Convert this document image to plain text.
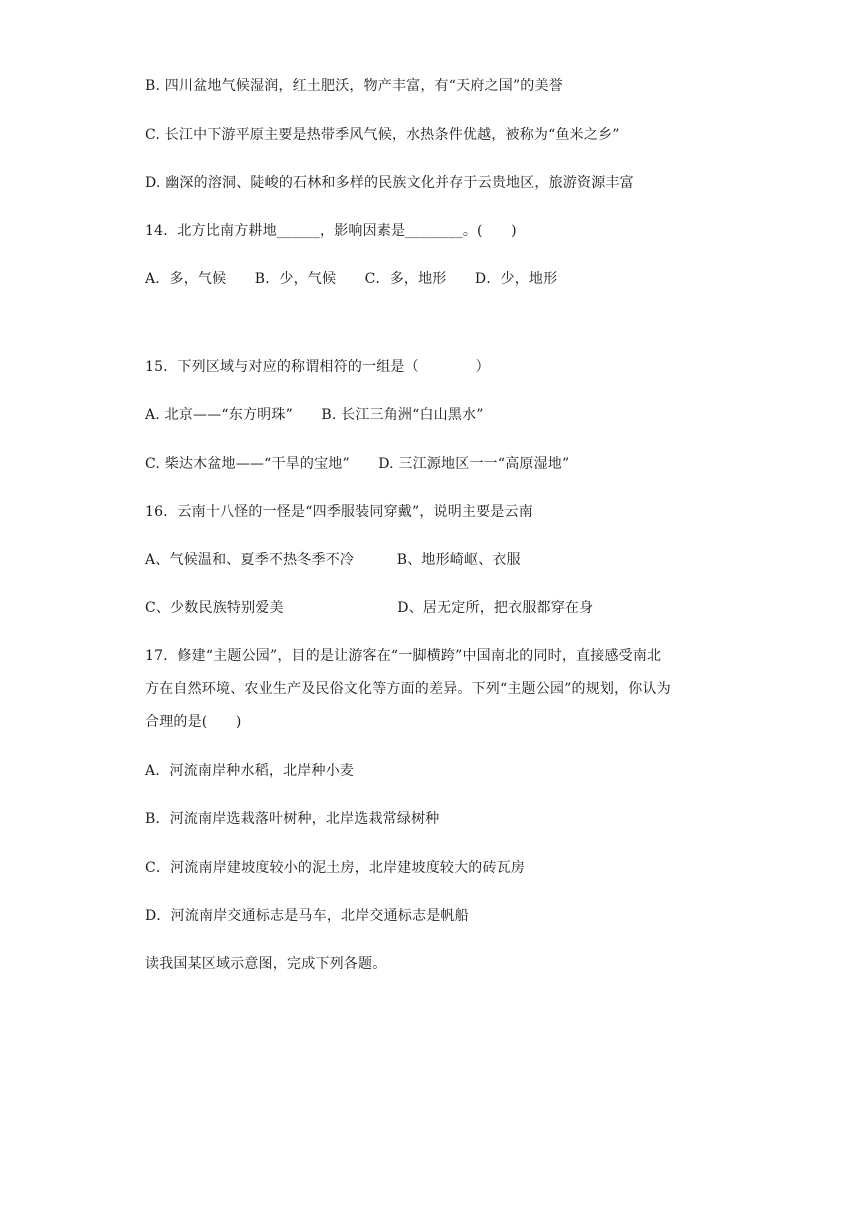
B. 四川盆地气候湿润，红土肥沃，物产丰富，有“天府之国”的美誉
C. 长江中下游平原主要是热带季风气候，水热条件优越，被称为“鱼米之乡”
D. 幽深的溶洞、陡峻的石林和多样的民族文化并存于云贵地区，旅游资源丰富
14．北方比南方耕地______，影响因素是________。(　　)
A．多，气候　　B．少，气候　　C．多，地形　　D．少，地形
15．下列区域与对应的称谓相符的一组是（　　　　）
A. 北京——“东方明珠”　　B. 长江三角洲“白山黑水”
C. 柴达木盆地——“干旱的宝地”　　D. 三江源地区一一“高原湿地”
16．云南十八怪的一怪是“四季服装同穿戴”，说明主要是云南
A、气候温和、夏季不热冬季不冷　　　B、地形崎岖、衣服
C、少数民族特别爱美　　　　　　　　D、居无定所，把衣服都穿在身
17．修建“主题公园”，目的是让游客在“一脚横跨”中国南北的同时，直接感受南北
方在自然环境、农业生产及民俗文化等方面的差异。下列“主题公园”的规划，你认为
合理的是(　　)
A．河流南岸种水稻，北岸种小麦
B．河流南岸选栽落叶树种，北岸选栽常绿树种
C．河流南岸建坡度较小的泥土房，北岸建坡度较大的砖瓦房
D．河流南岸交通标志是马车，北岸交通标志是帆船
读我国某区域示意图，完成下列各题。
